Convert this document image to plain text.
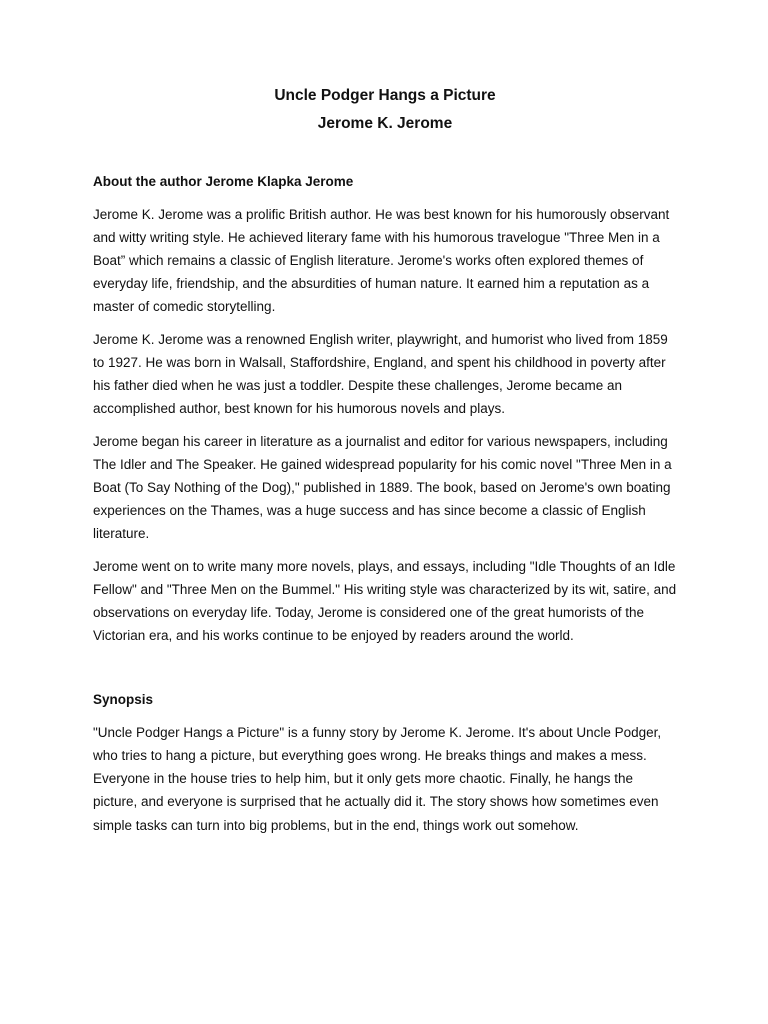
Uncle Podger Hangs a Picture
Jerome K. Jerome
About the author Jerome Klapka Jerome

Jerome K. Jerome was a prolific British author. He was best known for his humorously observant and witty writing style. He achieved literary fame with his humorous travelogue "Three Men in a Boat” which remains a classic of English literature. Jerome's works often explored themes of everyday life, friendship, and the absurdities of human nature. It earned him a reputation as a master of comedic storytelling.

Jerome K. Jerome was a renowned English writer, playwright, and humorist who lived from 1859 to 1927. He was born in Walsall, Staffordshire, England, and spent his childhood in poverty after his father died when he was just a toddler. Despite these challenges, Jerome became an accomplished author, best known for his humorous novels and plays.

Jerome began his career in literature as a journalist and editor for various newspapers, including The Idler and The Speaker. He gained widespread popularity for his comic novel "Three Men in a Boat (To Say Nothing of the Dog)," published in 1889. The book, based on Jerome's own boating experiences on the Thames, was a huge success and has since become a classic of English literature.

Jerome went on to write many more novels, plays, and essays, including "Idle Thoughts of an Idle Fellow" and "Three Men on the Bummel." His writing style was characterized by its wit, satire, and observations on everyday life. Today, Jerome is considered one of the great humorists of the Victorian era, and his works continue to be enjoyed by readers around the world.

Synopsis

"Uncle Podger Hangs a Picture" is a funny story by Jerome K. Jerome. It's about Uncle Podger, who tries to hang a picture, but everything goes wrong. He breaks things and makes a mess. Everyone in the house tries to help him, but it only gets more chaotic. Finally, he hangs the picture, and everyone is surprised that he actually did it. The story shows how sometimes even simple tasks can turn into big problems, but in the end, things work out somehow.
